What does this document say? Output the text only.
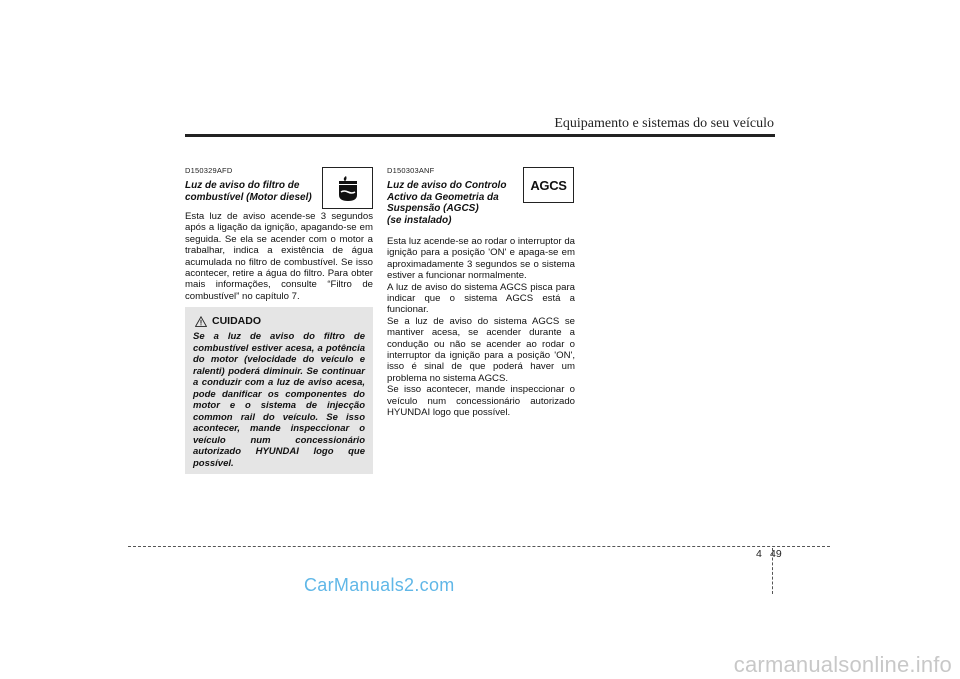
Equipamento e sistemas do seu veículo
D150329AFD
Luz de aviso do filtro de
combustível (Motor diesel)
Esta luz de aviso acende-se 3 segundos após a ligação da ignição, apagando-se em seguida. Se ela se acender com o motor a trabalhar, indica a existência de água acumulada no filtro de combustível. Se isso acontecer, retire a água do filtro. Para obter mais informações, consulte “Filtro de combustível” no capítulo 7.
CUIDADO
Se a luz de aviso do filtro de combustível estiver acesa, a potência do motor (velocidade do veículo e ralenti) poderá diminuir. Se continuar a conduzir com a luz de aviso acesa, pode danificar os componentes do motor e o sistema de injecção common rail do veículo. Se isso acontecer, mande inspeccionar o veículo num concessionário autorizado HYUNDAI logo que possível.
D150303ANF
Luz de aviso do Controlo
Activo da Geometria da
Suspensão (AGCS)
(se instalado)

Esta luz acende-se ao rodar o interruptor da ignição para a posição 'ON' e apaga-se em aproximadamente 3 segundos se o sistema estiver a funcionar normalmente.

A luz de aviso do sistema AGCS pisca para indicar que o sistema AGCS está a funcionar.

Se a luz de aviso do sistema AGCS se mantiver acesa, se acender durante a condução ou não se acender ao rodar o interruptor da ignição para a posição 'ON', isso é sinal de que poderá haver um problema no sistema AGCS.

Se isso acontecer, mande inspeccionar o veículo num concessionário autorizado HYUNDAI logo que possível.

AGCS
4 49
CarManuals2.com
carmanualsonline.info
